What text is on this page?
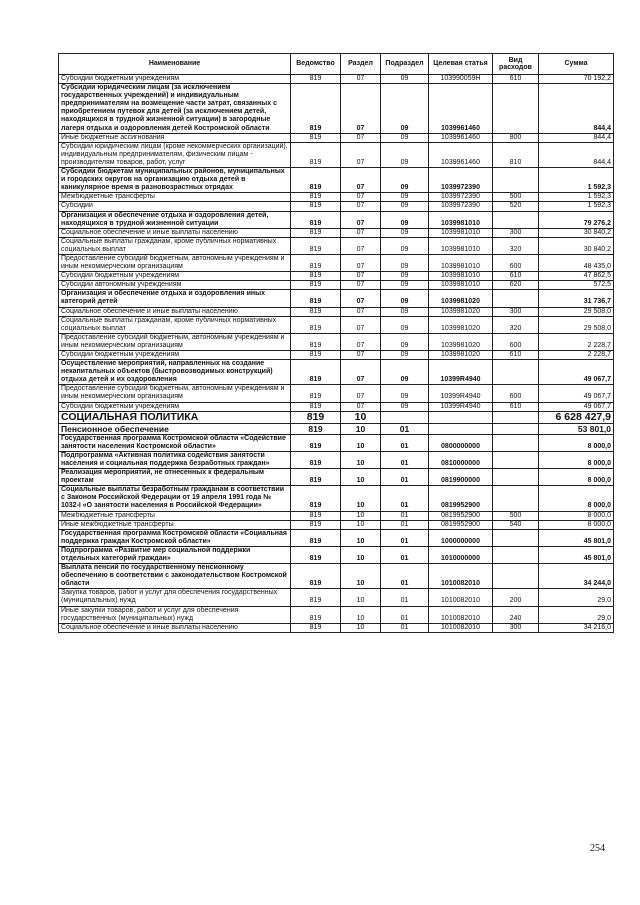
Наименование	Ведомство	Раздел	Подраздел	Целевая статья	Вид расходов	Сумма
Субсидии бюджетным учреждениям	819	07	09	103990059Н	610	70 192,2
Субсидии юридическим лицам (за исключением государственных учреждений) и индивидуальным предпринимателям на возмещение части затрат, связанных с приобретением путевок для детей (за исключением детей, находящихся в трудной жизненной ситуации) в загородные лагеря отдыха и оздоровления детей Костромской области	819	07	09	1039961460		844,4
Иные бюджетные ассигнования	819	07	09	1039961460	800	844,4
Субсидии юридическим лицам (кроме некоммерческих организаций), индивидуальным предпринимателям, физическим лицам - производителям товаров, работ, услуг	819	07	09	1039961460	810	844,4
Субсидии бюджетам муниципальных районов, муниципальных и городских округов на организацию отдыха детей в каникулярное время в разновозрастных отрядах	819	07	09	1039972390		1 592,3
Межбюджетные трансферты	819	07	09	1039972390	500	1 592,3
Субсидии	819	07	09	1039972390	520	1 592,3
Организация и обеспечение отдыха и оздоровления детей, находящихся в трудной жизненной ситуации	819	07	09	1039981010		79 276,2
Социальное обеспечение и иные выплаты населению	819	07	09	1039981010	300	30 840,2
Социальные выплаты гражданам, кроме публичных нормативных социальных выплат	819	07	09	1039981010	320	30 840,2
Предоставление субсидий бюджетным, автономным учреждениям и иным некоммерческим организациям	819	07	09	1039981010	600	48 435,0
Субсидии бюджетным учреждениям	819	07	09	1039981010	610	47 862,5
Субсидии автономным учреждениям	819	07	09	1039981010	620	572,5
Организация и обеспечение отдыха и оздоровления иных категорий детей	819	07	09	1039981020		31 736,7
Социальное обеспечение и иные выплаты населению	819	07	09	1039981020	300	29 508,0
Социальные выплаты гражданам, кроме публичных нормативных социальных выплат	819	07	09	1039981020	320	29 508,0
Предоставление субсидий бюджетным, автономным учреждениям и иным некоммерческим организациям	819	07	09	1039981020	600	2 228,7
Субсидии бюджетным учреждениям	819	07	09	1039981020	610	2 228,7
Осуществление мероприятий, направленных на создание некапитальных объектов (быстровозводимых конструкций) отдыха детей и их оздоровления	819	07	09	10399R4940		49 067,7
Предоставление субсидий бюджетным, автономным учреждениям и иным некоммерческим организациям	819	07	09	10399R4940	600	49 067,7
Субсидии бюджетным учреждениям	819	07	09	10399R4940	610	49 067,7
СОЦИАЛЬНАЯ ПОЛИТИКА	819	10				6 628 427,9
Пенсионное обеспечение	819	10	01			53 801,0
Государственная программа Костромской области «Содействие занятости населения Костромской области»	819	10	01	0800000000		8 000,0
Подпрограмма «Активная политика содействия занятости населения и социальная поддержка безработных граждан»	819	10	01	0810000000		8 000,0
Реализация мероприятий, не отнесенных к федеральным проектам	819	10	01	0819900000		8 000,0
Социальные выплаты безработным гражданам в соответствии с Законом Российской Федерации от 19 апреля 1991 года № 1032-I «О занятости населения в Российской Федерации»	819	10	01	0819952900		8 000,0
Межбюджетные трансферты	819	10	01	0819952900	500	8 000,0
Иные межбюджетные трансферты	819	10	01	0819952900	540	8 000,0
Государственная программа Костромской области «Социальная поддержка граждан Костромской области»	819	10	01	1000000000		45 801,0
Подпрограмма «Развитие мер социальной поддержки отдельных категорий граждан»	819	10	01	1010000000		45 801,0
Выплата пенсий по государственному пенсионному обеспечению в соответствии с законодательством Костромской области	819	10	01	1010082010		34 244,0
Закупка товаров, работ и услуг для обеспечения государственных (муниципальных) нужд	819	10	01	1010082010	200	29,0
Иные закупки товаров, работ и услуг для обеспечения государственных (муниципальных) нужд	819	10	01	1010082010	240	29,0
Социальное обеспечение и иные выплаты населению	819	10	01	1010082010	300	34 216,0
254
